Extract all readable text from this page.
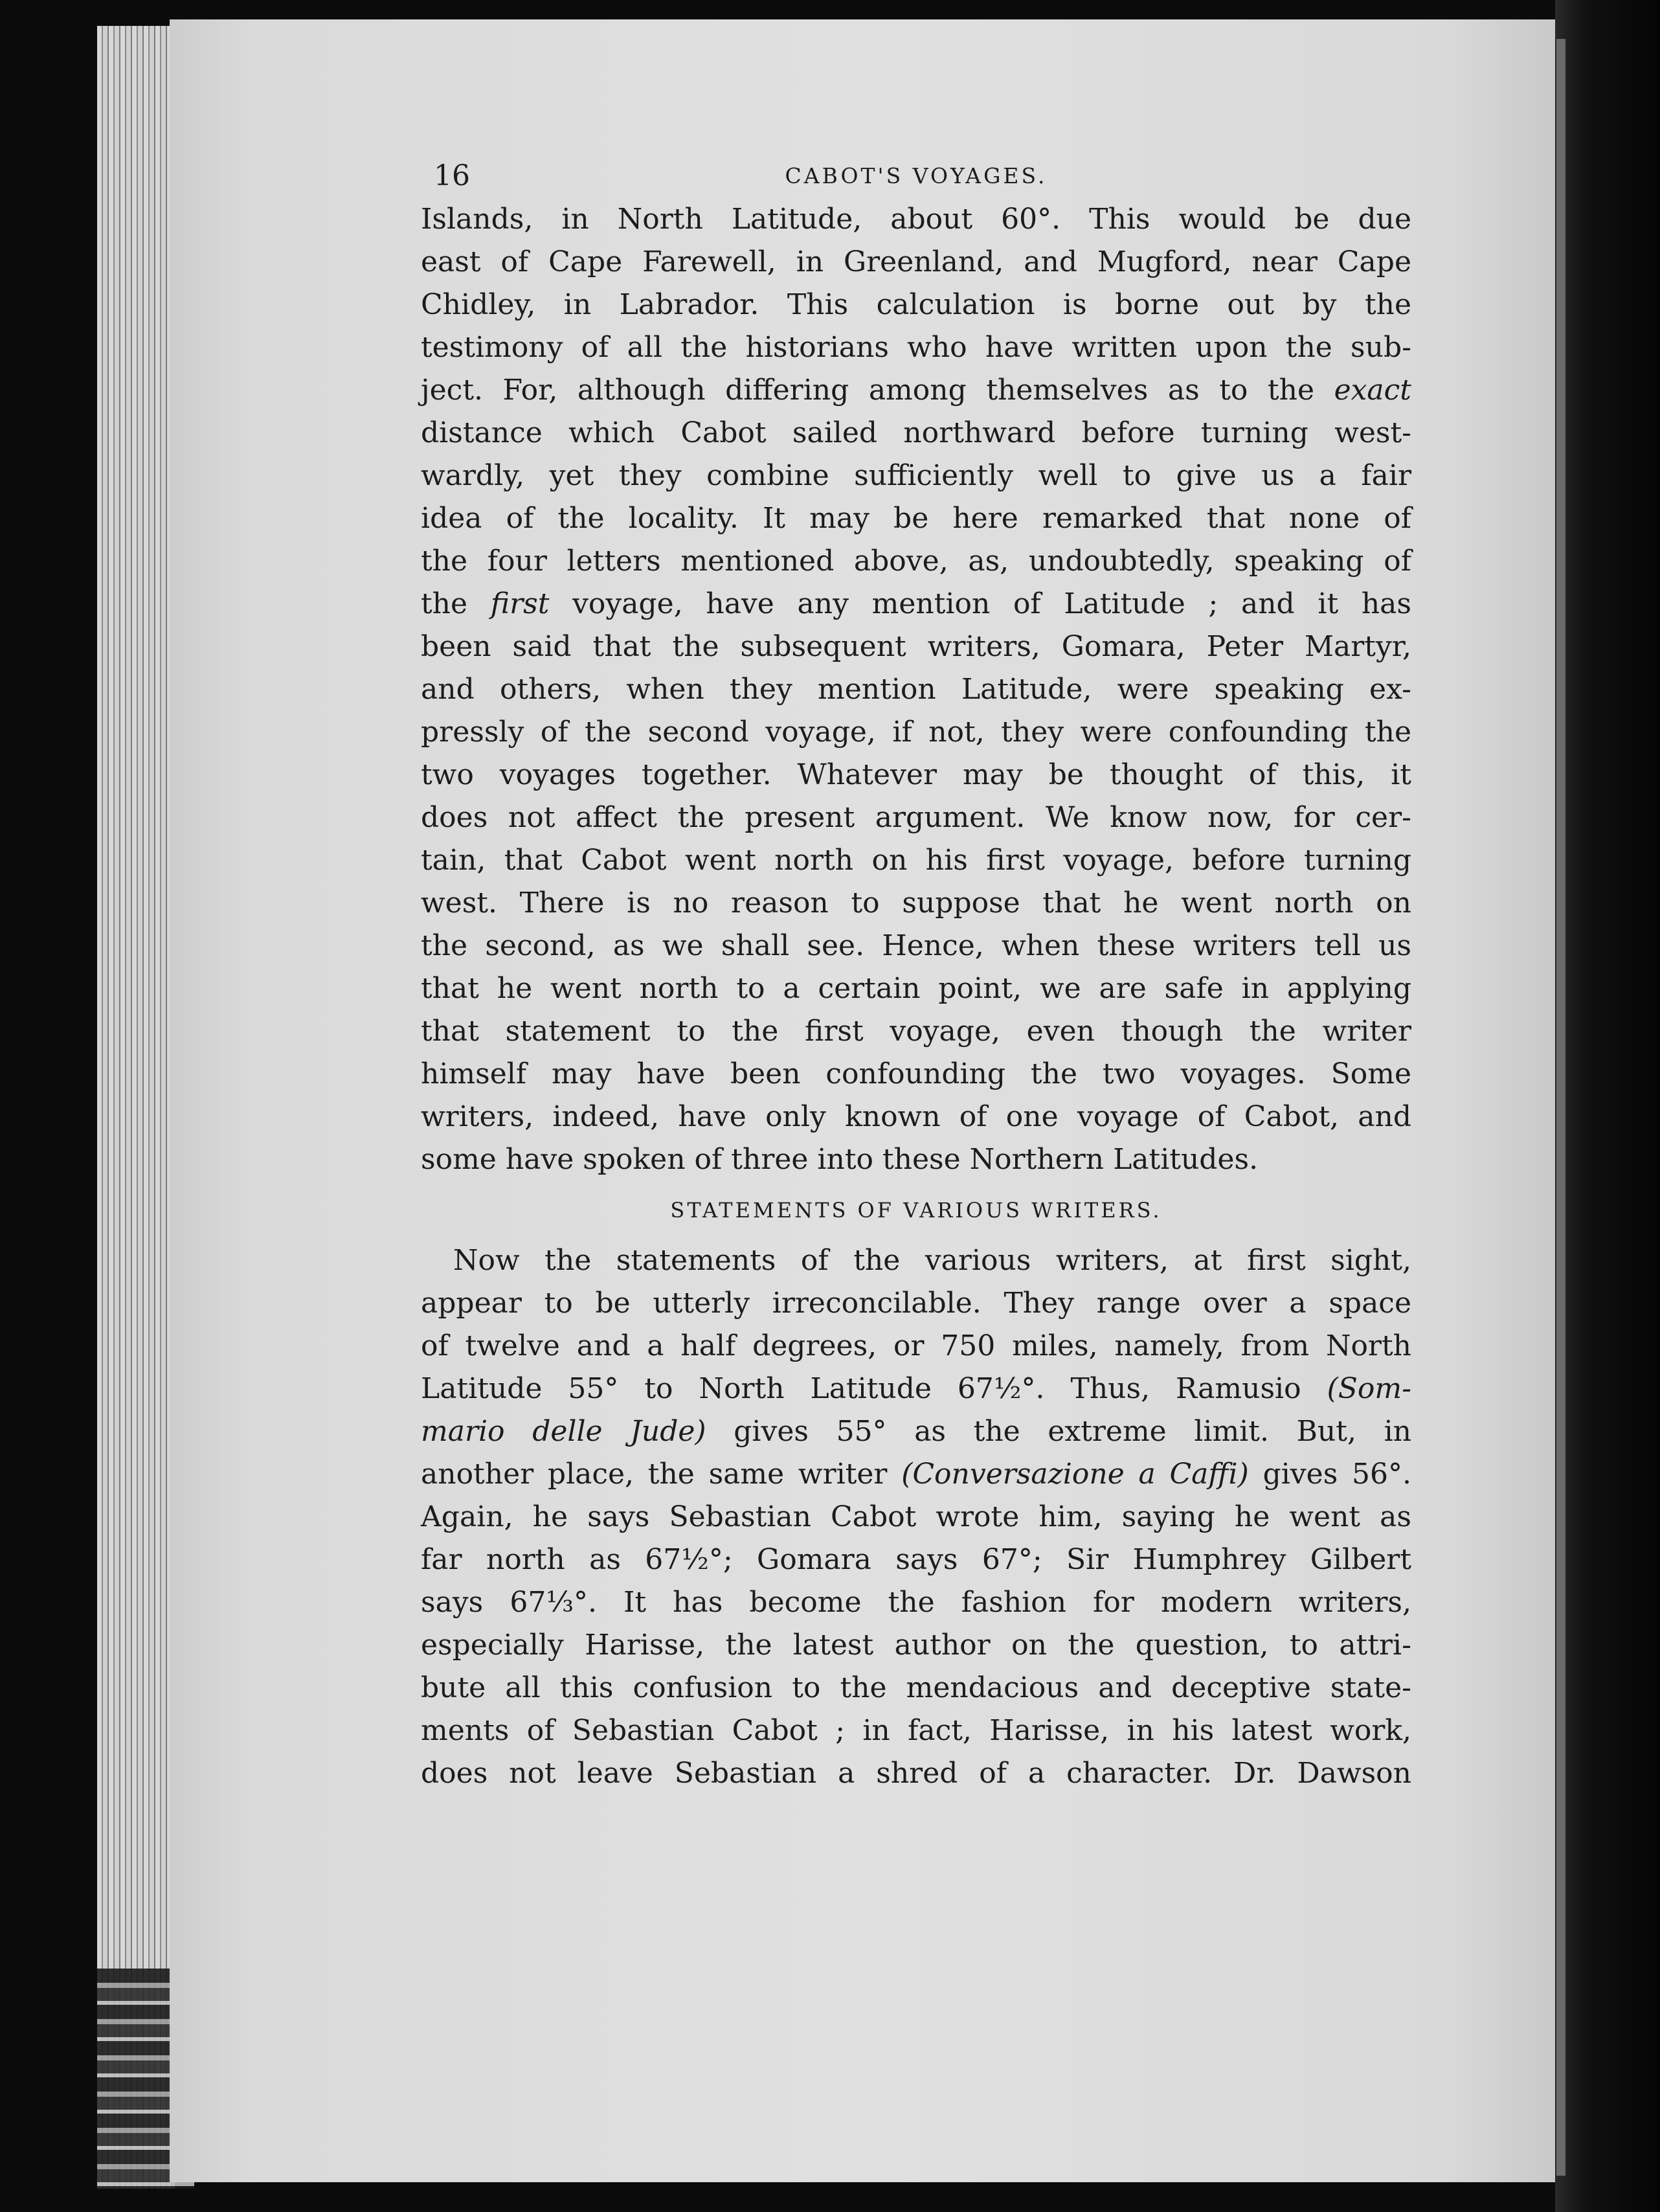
16	CABOT'S VOYAGES.
Islands, in North Latitude, about 60°. This would be due
east of Cape Farewell, in Greenland, and Mugford, near Cape
Chidley, in Labrador. This calculation is borne out by the
testimony of all the historians who have written upon the sub-
ject. For, although differing among themselves as to the exact
distance which Cabot sailed northward before turning west-
wardly, yet they combine sufficiently well to give us a fair
idea of the locality. It may be here remarked that none of
the four letters mentioned above, as, undoubtedly, speaking of
the first voyage, have any mention of Latitude ; and it has
been said that the subsequent writers, Gomara, Peter Martyr,
and others, when they mention Latitude, were speaking ex-
pressly of the second voyage, if not, they were confounding the
two voyages together. Whatever may be thought of this, it
does not affect the present argument. We know now, for cer-
tain, that Cabot went north on his first voyage, before turning
west. There is no reason to suppose that he went north on
the second, as we shall see. Hence, when these writers tell us
that he went north to a certain point, we are safe in applying
that statement to the first voyage, even though the writer
himself may have been confounding the two voyages. Some
writers, indeed, have only known of one voyage of Cabot, and
some have spoken of three into these Northern Latitudes.
STATEMENTS OF VARIOUS WRITERS.
Now the statements of the various writers, at first sight,
appear to be utterly irreconcilable. They range over a space
of twelve and a half degrees, or 750 miles, namely, from North
Latitude 55° to North Latitude 67½°. Thus, Ramusio (Som-
mario delle Jude) gives 55° as the extreme limit. But, in
another place, the same writer (Conversazione a Caffi) gives 56°.
Again, he says Sebastian Cabot wrote him, saying he went as
far north as 67½°; Gomara says 67°; Sir Humphrey Gilbert
says 67⅓°. It has become the fashion for modern writers,
especially Harisse, the latest author on the question, to attri-
bute all this confusion to the mendacious and deceptive state-
ments of Sebastian Cabot ; in fact, Harisse, in his latest work,
does not leave Sebastian a shred of a character. Dr. Dawson
